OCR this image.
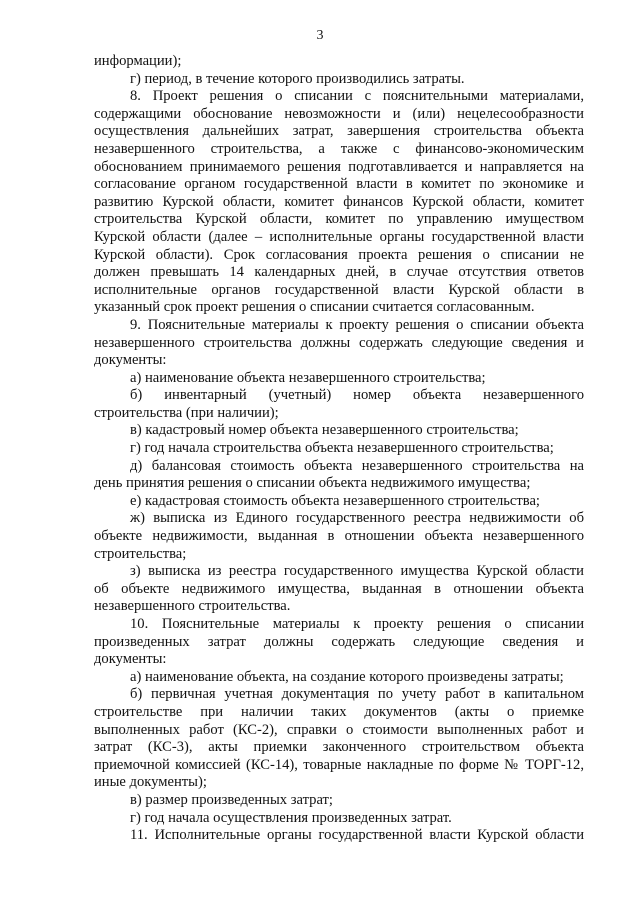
3
информации);
г) период, в течение которого производились затраты.
8. Проект решения о списании с пояснительными материалами,
содержащими обоснование невозможности и (или) нецелесообразности
осуществления дальнейших затрат, завершения строительства объекта
незавершенного строительства, а также с финансово-экономическим
обоснованием принимаемого решения подготавливается и направляется на
согласование органом государственной власти в комитет по экономике и
развитию Курской области, комитет финансов Курской области, комитет
строительства Курской области, комитет по управлению имуществом
Курской области (далее – исполнительные органы государственной власти
Курской области). Срок согласования проекта решения о списании не
должен превышать 14 календарных дней, в случае отсутствия ответов
исполнительные органов государственной власти Курской области в
указанный срок проект решения о списании считается согласованным.
9. Пояснительные материалы к проекту решения о списании объекта
незавершенного строительства должны содержать следующие сведения и
документы:
а) наименование объекта незавершенного строительства;
б) инвентарный (учетный) номер объекта незавершенного
строительства (при наличии);
в) кадастровый номер объекта незавершенного строительства;
г) год начала строительства объекта незавершенного строительства;
д) балансовая стоимость объекта незавершенного строительства на
день принятия решения о списании объекта недвижимого имущества;
е) кадастровая стоимость объекта незавершенного строительства;
ж) выписка из Единого государственного реестра недвижимости об
объекте недвижимости, выданная в отношении объекта незавершенного
строительства;
з) выписка из реестра государственного имущества Курской области
об объекте недвижимого имущества, выданная в отношении объекта
незавершенного строительства.
10. Пояснительные материалы к проекту решения о списании
произведенных затрат должны содержать следующие сведения и
документы:
а) наименование объекта, на создание которого произведены затраты;
б) первичная учетная документация по учету работ в капитальном
строительстве при наличии таких документов (акты о приемке
выполненных работ (КС-2), справки о стоимости выполненных работ и
затрат (КС-3), акты приемки законченного строительством объекта
приемочной комиссией (КС-14), товарные накладные по форме № ТОРГ-12,
иные документы);
в) размер произведенных затрат;
г) год начала осуществления произведенных затрат.
11. Исполнительные органы государственной власти Курской области
